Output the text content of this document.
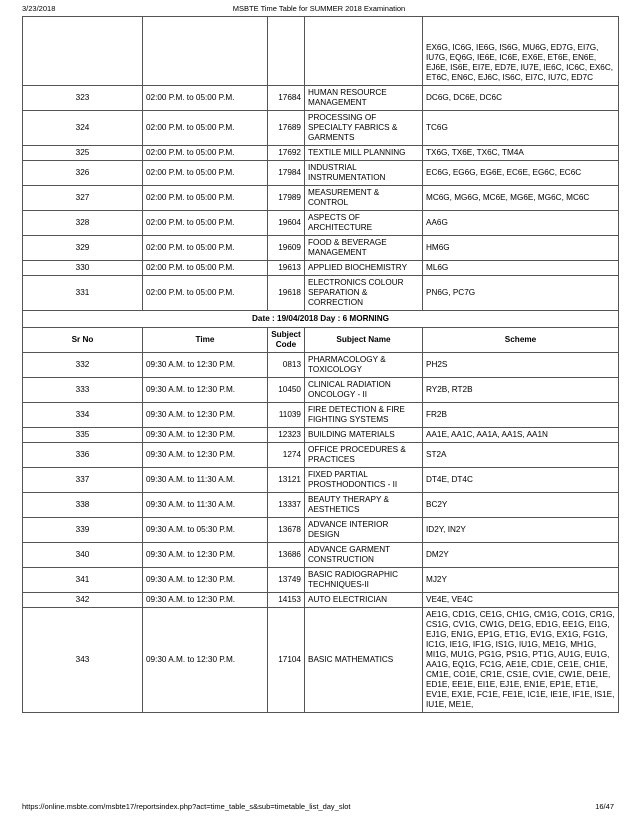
3/23/2018	MSBTE Time Table for SUMMER 2018 Examination
				EX6G, IC6G, IE6G, IS6G, MU6G, ED7G, EI7G, IU7G, EQ6G, IE6E, IC6E, EX6E, ET6E, EN6E, EJ6E, IS6E, EI7E, ED7E, IU7E, IE6C, IC6C, EX6C, ET6C, EN6C, EJ6C, IS6C, EI7C, IU7C, ED7C
323	02:00 P.M. to 05:00 P.M.	17684	HUMAN RESOURCE MANAGEMENT	DC6G, DC6E, DC6C
324	02:00 P.M. to 05:00 P.M.	17689	PROCESSING OF SPECIALTY FABRICS & GARMENTS	TC6G
325	02:00 P.M. to 05:00 P.M.	17692	TEXTILE MILL PLANNING	TX6G, TX6E, TX6C, TM4A
326	02:00 P.M. to 05:00 P.M.	17984	INDUSTRIAL INSTRUMENTATION	EC6G, EG6G, EG6E, EC6E, EG6C, EC6C
327	02:00 P.M. to 05:00 P.M.	17989	MEASUREMENT & CONTROL	MC6G, MG6G, MC6E, MG6E, MG6C, MC6C
328	02:00 P.M. to 05:00 P.M.	19604	ASPECTS OF ARCHITECTURE	AA6G
329	02:00 P.M. to 05:00 P.M.	19609	FOOD & BEVERAGE MANAGEMENT	HM6G
330	02:00 P.M. to 05:00 P.M.	19613	APPLIED BIOCHEMISTRY	ML6G
331	02:00 P.M. to 05:00 P.M.	19618	ELECTRONICS COLOUR SEPARATION & CORRECTION	PN6G, PC7G
Date : 19/04/2018 Day : 6 MORNING				
Sr No	Time	Subject Code	Subject Name	Scheme
332	09:30 A.M. to 12:30 P.M.	0813	PHARMACOLOGY & TOXICOLOGY	PH2S
333	09:30 A.M. to 12:30 P.M.	10450	CLINICAL RADIATION ONCOLOGY - II	RY2B, RT2B
334	09:30 A.M. to 12:30 P.M.	11039	FIRE DETECTION & FIRE FIGHTING SYSTEMS	FR2B
335	09:30 A.M. to 12:30 P.M.	12323	BUILDING MATERIALS	AA1E, AA1C, AA1A, AA1S, AA1N
336	09:30 A.M. to 12:30 P.M.	1274	OFFICE PROCEDURES & PRACTICES	ST2A
337	09:30 A.M. to 11:30 A.M.	13121	FIXED PARTIAL PROSTHODONTICS - II	DT4E, DT4C
338	09:30 A.M. to 11:30 A.M.	13337	BEAUTY THERAPY & AESTHETICS	BC2Y
339	09:30 A.M. to 05:30 P.M.	13678	ADVANCE INTERIOR DESIGN	ID2Y, IN2Y
340	09:30 A.M. to 12:30 P.M.	13686	ADVANCE GARMENT CONSTRUCTION	DM2Y
341	09:30 A.M. to 12:30 P.M.	13749	BASIC RADIOGRAPHIC TECHNIQUES-II	MJ2Y
342	09:30 A.M. to 12:30 P.M.	14153	AUTO ELECTRICIAN	VE4E, VE4C
343	09:30 A.M. to 12:30 P.M.	17104	BASIC MATHEMATICS	AE1G, CD1G, CE1G, CH1G, CM1G, CO1G, CR1G, CS1G, CV1G, CW1G, DE1G, ED1G, EE1G, EI1G, EJ1G, EN1G, EP1G, ET1G, EV1G, EX1G, FG1G, IC1G, IE1G, IF1G, IS1G, IU1G, ME1G, MH1G, MI1G, MU1G, PG1G, PS1G, PT1G, AU1G, EU1G, AA1G, EQ1G, FC1G, AE1E, CD1E, CE1E, CH1E, CM1E, CO1E, CR1E, CS1E, CV1E, CW1E, DE1E, ED1E, EE1E, EI1E, EJ1E, EN1E, EP1E, ET1E, EV1E, EX1E, FC1E, FE1E, IC1E, IE1E, IF1E, IS1E, IU1E, ME1E,
https://online.msbte.com/msbte17/reportsindex.php?act=time_table_s&sub=timetable_list_day_slot	16/47
